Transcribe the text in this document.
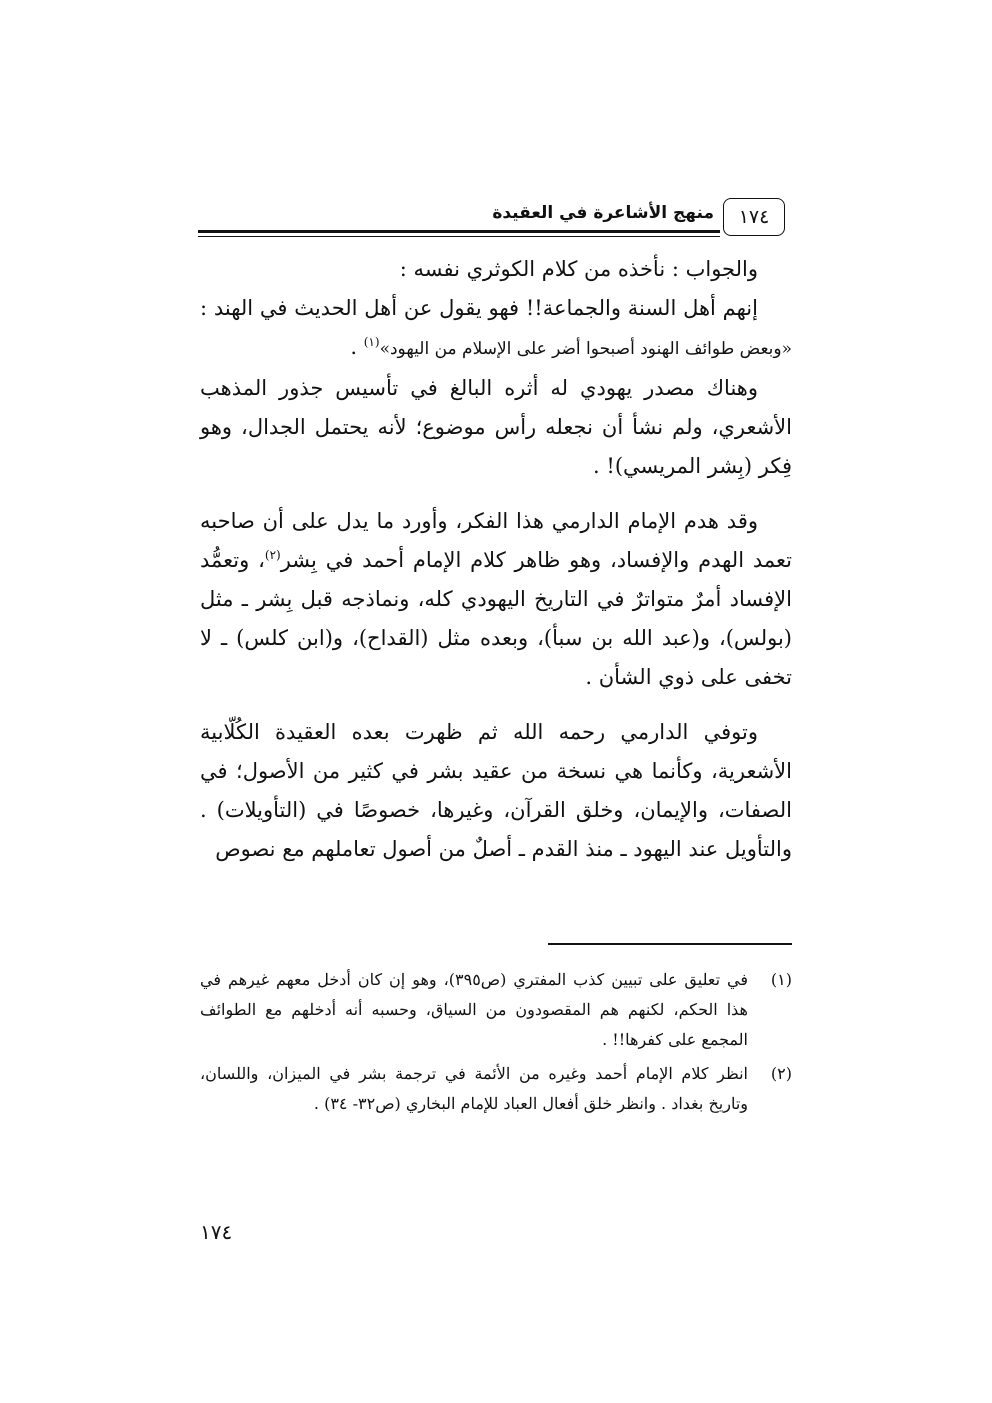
منهج الأشاعرة في العقيدة	١٧٤

والجواب : نأخذه من كلام الكوثري نفسه :

إنهم أهل السنة والجماعة!! فهو يقول عن أهل الحديث في الهند : «وبعض طوائف الهنود أصبحوا أضر على الإسلام من اليهود»$^{(١)}$ .

وهناك مصدر يهودي له أثره البالغ في تأسيس جذور المذهب الأشعري، ولم نشأ أن نجعله رأس موضوع؛ لأنه يحتمل الجدال، وهو فِكر (بِشر المريسي)! .

وقد هدم الإمام الدارمي هذا الفكر، وأورد ما يدل على أن صاحبه تعمد الهدم والإفساد، وهو ظاهر كلام الإمام أحمد في بِشر$^{(٢)}$، وتعمُّد الإفساد أمرٌ متواترٌ في التاريخ اليهودي كله، ونماذجه قبل بِشر ـ مثل (بولس)، و(عبد الله بن سبأ)، وبعده مثل (القداح)، و(ابن كلس) ـ لا تخفى على ذوي الشأن .

وتوفي الدارمي رحمه الله ثم ظهرت بعده العقيدة الكُلّابية الأشعرية، وكأنما هي نسخة من عقيد بشر في كثير من الأصول؛ في الصفات، والإيمان، وخلق القرآن، وغيرها، خصوصًا في (التأويلات) . والتأويل عند اليهود ـ منذ القدم ـ أصلٌ من أصول تعاملهم مع نصوص

(١)
في تعليق على تبيين كذب المفتري (ص٣٩٥)، وهو إن كان أدخل معهم غيرهم في هذا الحكم، لكنهم هم المقصودون من السياق، وحسبه أنه أدخلهم مع الطوائف المجمع على كفرها!! .
(٢)
انظر كلام الإمام أحمد وغيره من الأئمة في ترجمة بشر في الميزان، واللسان، وتاريخ بغداد . وانظر خلق أفعال العباد للإمام البخاري (ص٣٢- ٣٤) .
١٧٤
